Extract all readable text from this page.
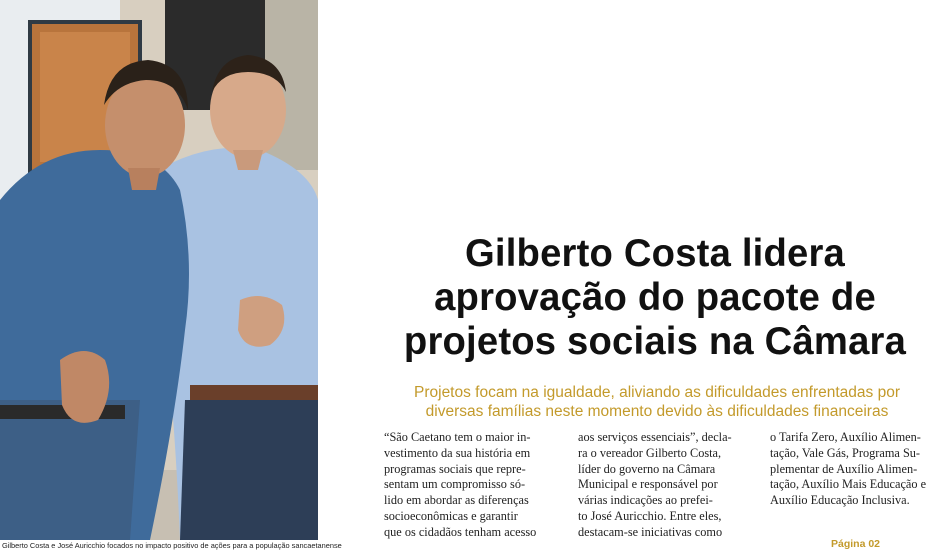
Gilberto Costa e José Auricchio focados no impacto positivo de ações para a população sancaetanense
Gilberto Costa lidera
aprovação do pacote de
projetos sociais na Câmara
Projetos focam na igualdade, aliviando as dificuldades enfrentadas por
diversas famílias neste momento devido às dificuldades financeiras
“São Caetano tem o maior in-
vestimento da sua história em
programas sociais que repre-
sentam um compromisso só-
lido em abordar as diferenças
socioeconômicas e garantir
que os cidadãos tenham acesso
aos serviços essenciais”, decla-
ra o vereador Gilberto Costa,
líder do governo na Câmara
Municipal e responsável por
várias indicações ao prefei-
to José Auricchio. Entre eles,
destacam-se iniciativas como
o Tarifa Zero, Auxílio Alimen-
tação, Vale Gás, Programa Su-
plementar de Auxílio Alimen-
tação, Auxílio Mais Educação e
Auxílio Educação Inclusiva.
Página 02
